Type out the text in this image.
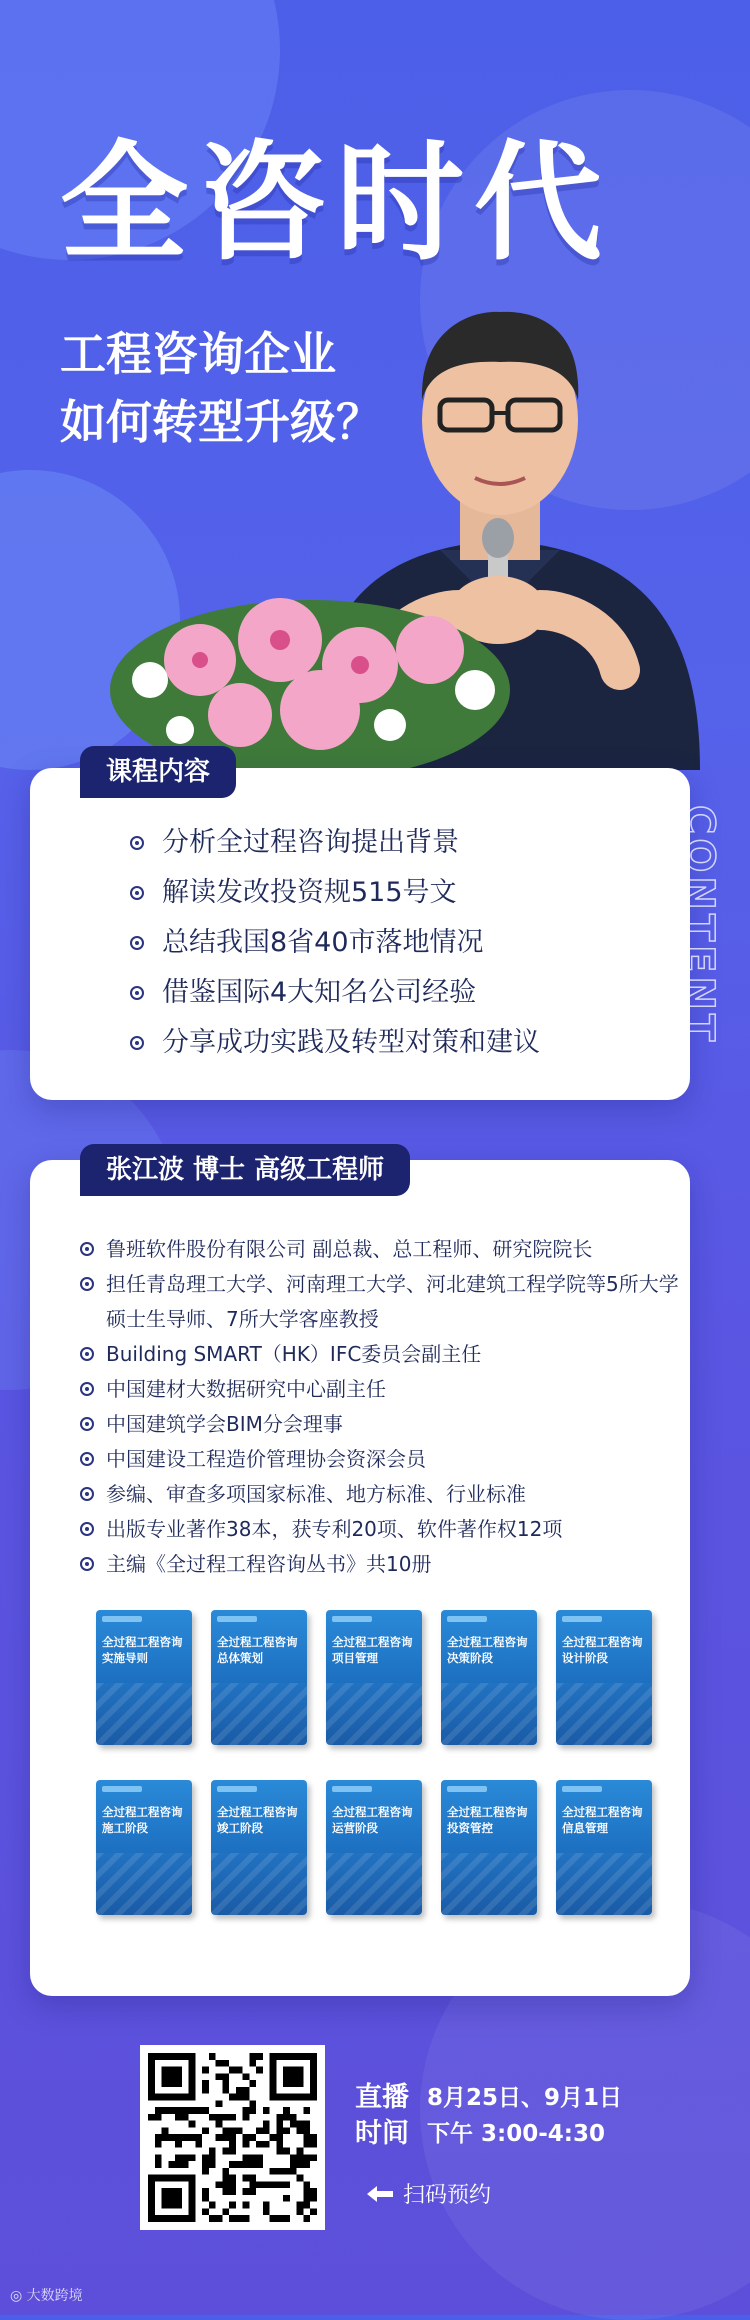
全咨时代
工程咨询企业
如何转型升级？
课程内容
分析全过程咨询提出背景
解读发改投资规515号文
总结我国8省40市落地情况
借鉴国际4大知名公司经验
分享成功实践及转型对策和建议	CONTENT
张江波 博士 高级工程师
鲁班软件股份有限公司 副总裁、总工程师、研究院院长
担任青岛理工大学、河南理工大学、河北建筑工程学院等5所大学硕士生导师、7所大学客座教授
Building SMART（HK）IFC委员会副主任
中国建材大数据研究中心副主任
中国建筑学会BIM分会理事
中国建设工程造价管理协会资深会员
参编、审查多项国家标准、地方标准、行业标准
出版专业著作38本，获专利20项、软件著作权12项
主编《全过程工程咨询丛书》共10册
全过程工程咨询实施导则
全过程工程咨询总体策划
全过程工程咨询项目管理
全过程工程咨询决策阶段
全过程工程咨询设计阶段
全过程工程咨询施工阶段
全过程工程咨询竣工阶段
全过程工程咨询运营阶段
全过程工程咨询投资管控
全过程工程咨询信息管理
直播 8月25日、9月1日
时间 下午 3:00-4:30
扫码预约
◎ 大数跨境
